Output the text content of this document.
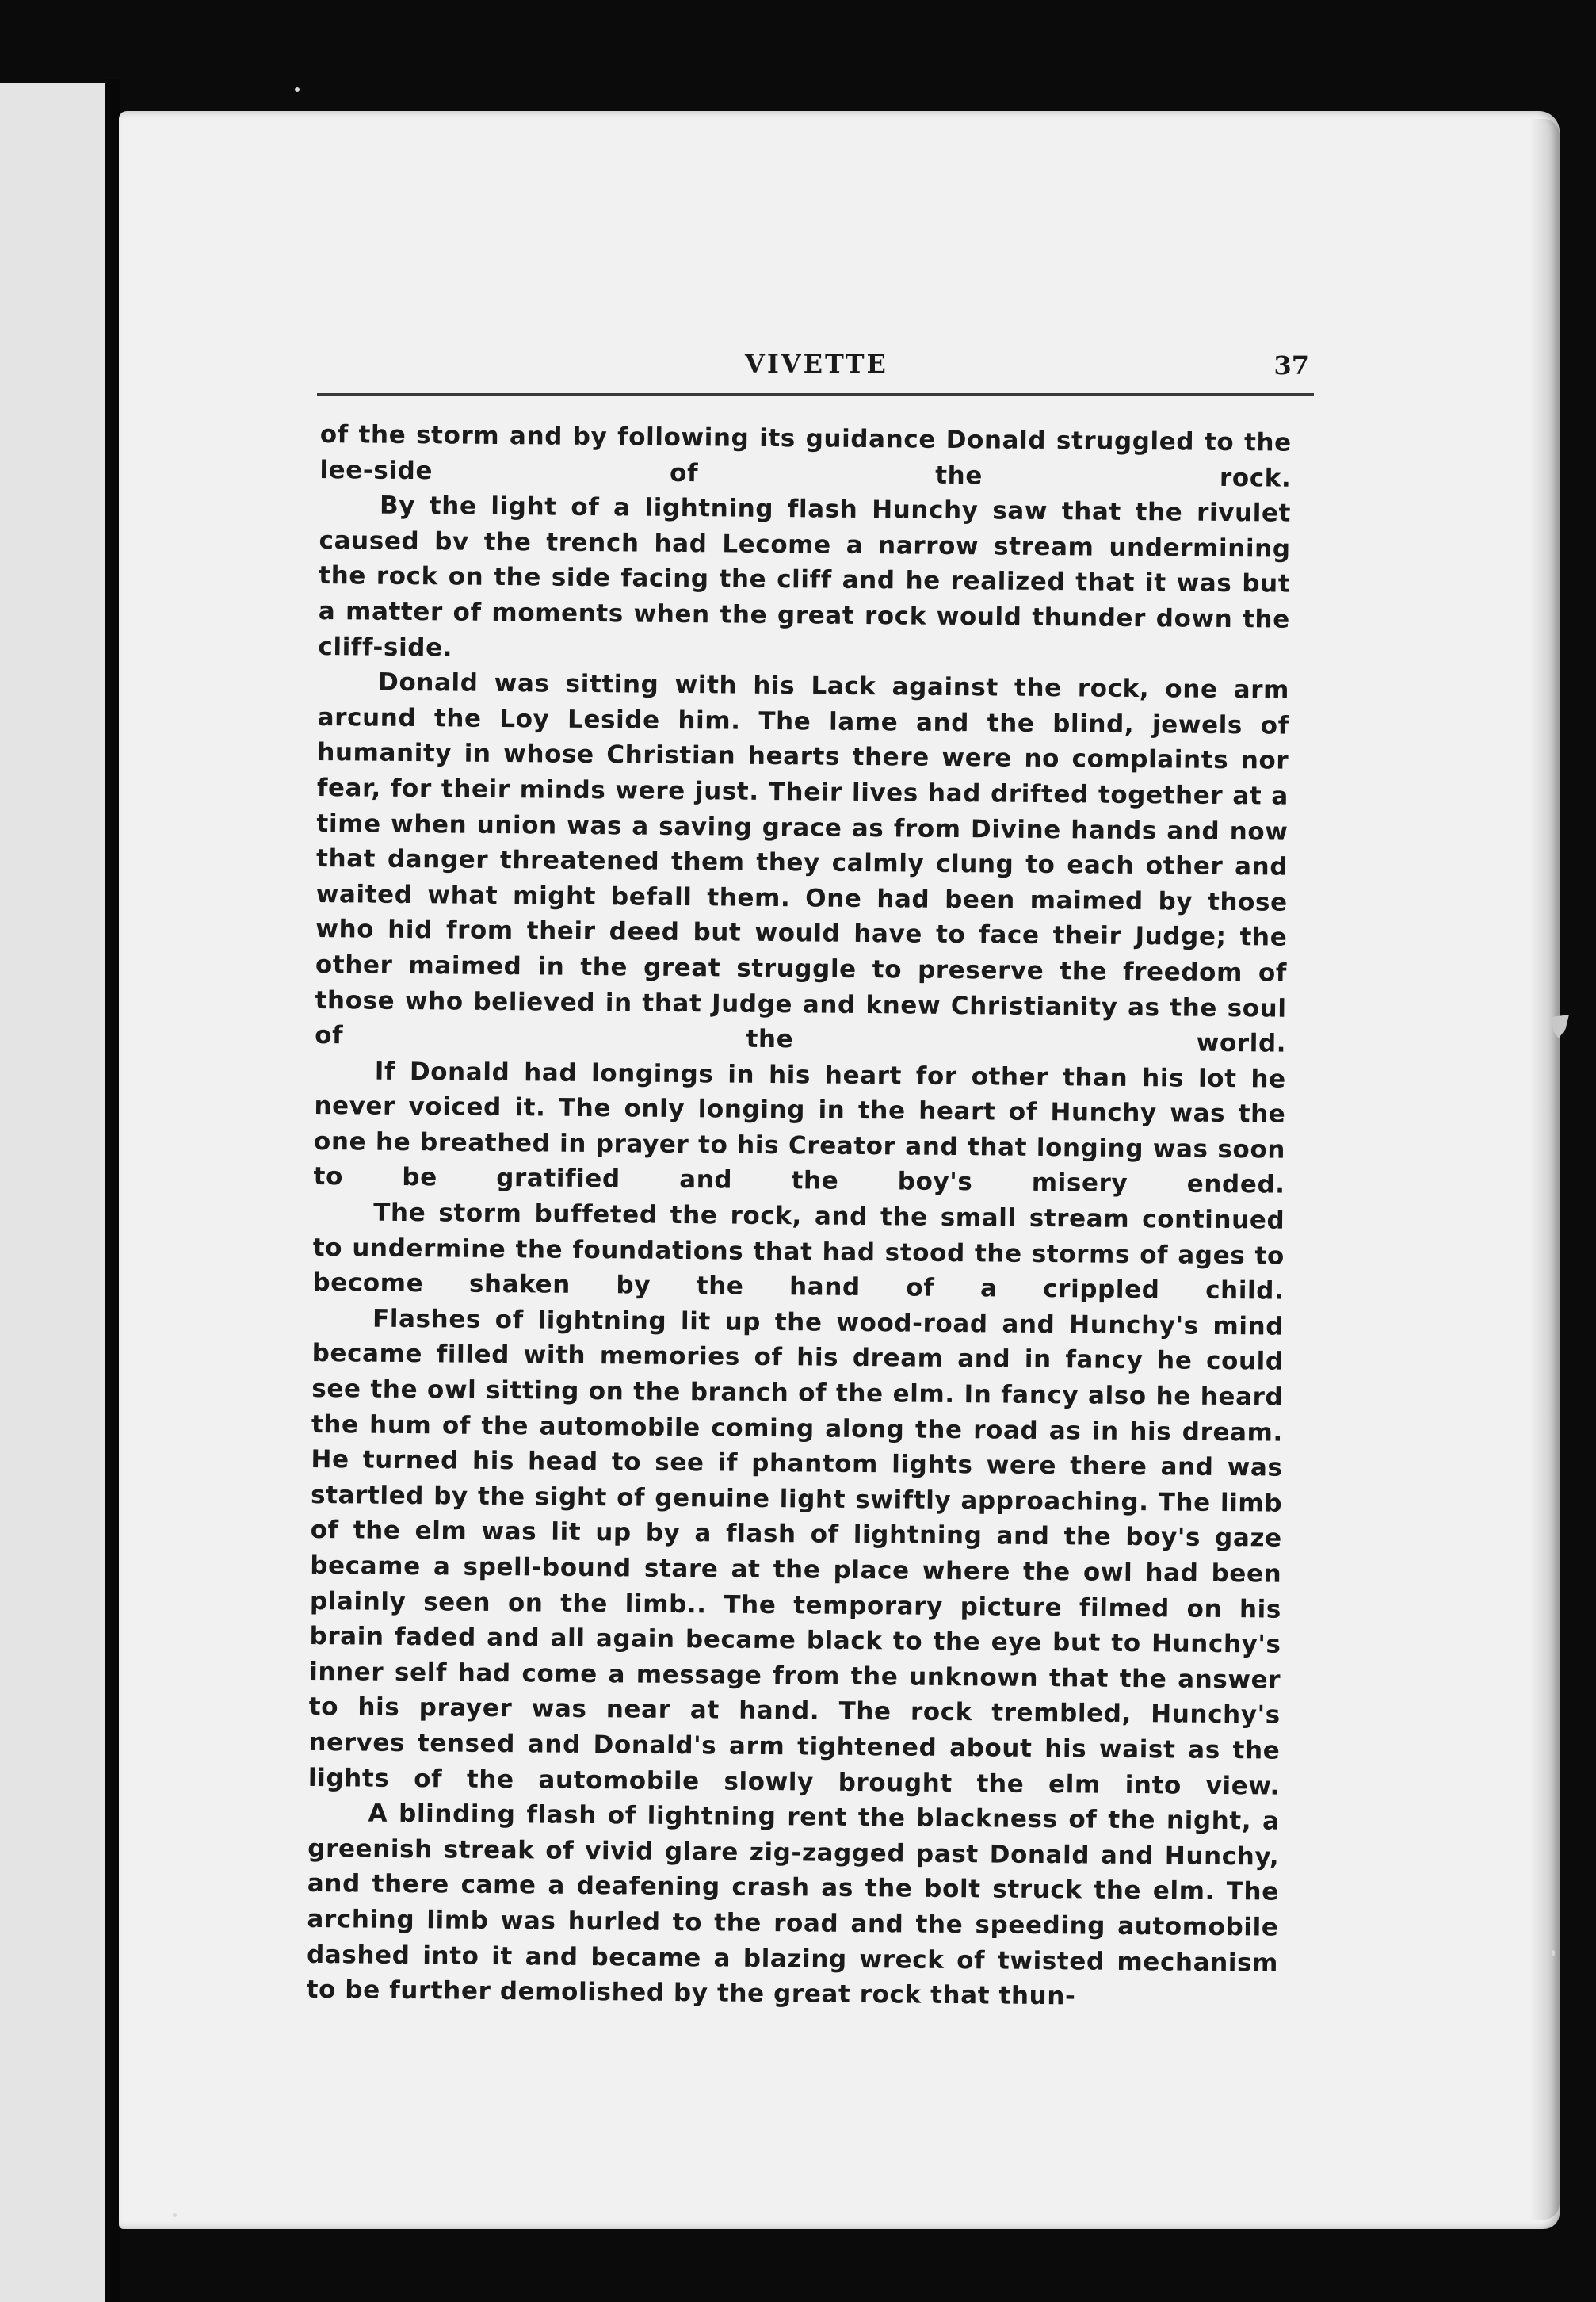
VIVETTE	37

of the storm and by following its guidance Donald struggled to the lee-side of the rock.

By the light of a lightning flash Hunchy saw that the rivulet caused bv the trench had Lecome a narrow stream undermining the rock on the side facing the cliff and he realized that it was but a matter of moments when the great rock would thunder down the cliff-side.

Donald was sitting with his Lack against the rock, one arm arcund the Loy Leside him. The lame and the blind, jewels of humanity in whose Christian hearts there were no complaints nor fear, for their minds were just. Their lives had drifted together at a time when union was a saving grace as from Divine hands and now that danger threatened them they calmly clung to each other and waited what might befall them. One had been maimed by those who hid from their deed but would have to face their Judge; the other maimed in the great struggle to preserve the freedom of those who believed in that Judge and knew Christianity as the soul of the world.

If Donald had longings in his heart for other than his lot he never voiced it. The only longing in the heart of Hunchy was the one he breathed in prayer to his Creator and that longing was soon to be gratified and the boy's misery ended.

The storm buffeted the rock, and the small stream continued to undermine the foundations that had stood the storms of ages to become shaken by the hand of a crippled child.

Flashes of lightning lit up the wood-road and Hunchy's mind became filled with memories of his dream and in fancy he could see the owl sitting on the branch of the elm. In fancy also he heard the hum of the automobile coming along the road as in his dream. He turned his head to see if phantom lights were there and was startled by the sight of genuine light swiftly approaching. The limb of the elm was lit up by a flash of lightning and the boy's gaze became a spell-bound stare at the place where the owl had been plainly seen on the limb.. The temporary picture filmed on his brain faded and all again became black to the eye but to Hunchy's inner self had come a message from the unknown that the answer to his prayer was near at hand. The rock trembled, Hunchy's nerves tensed and Donald's arm tightened about his waist as the lights of the automobile slowly brought the elm into view.

A blinding flash of lightning rent the blackness of the night, a greenish streak of vivid glare zig-zagged past Donald and Hunchy, and there came a deafening crash as the bolt struck the elm. The arching limb was hurled to the road and the speeding automobile dashed into it and became a blazing wreck of twisted mechanism to be further demolished by the great rock that thun-
